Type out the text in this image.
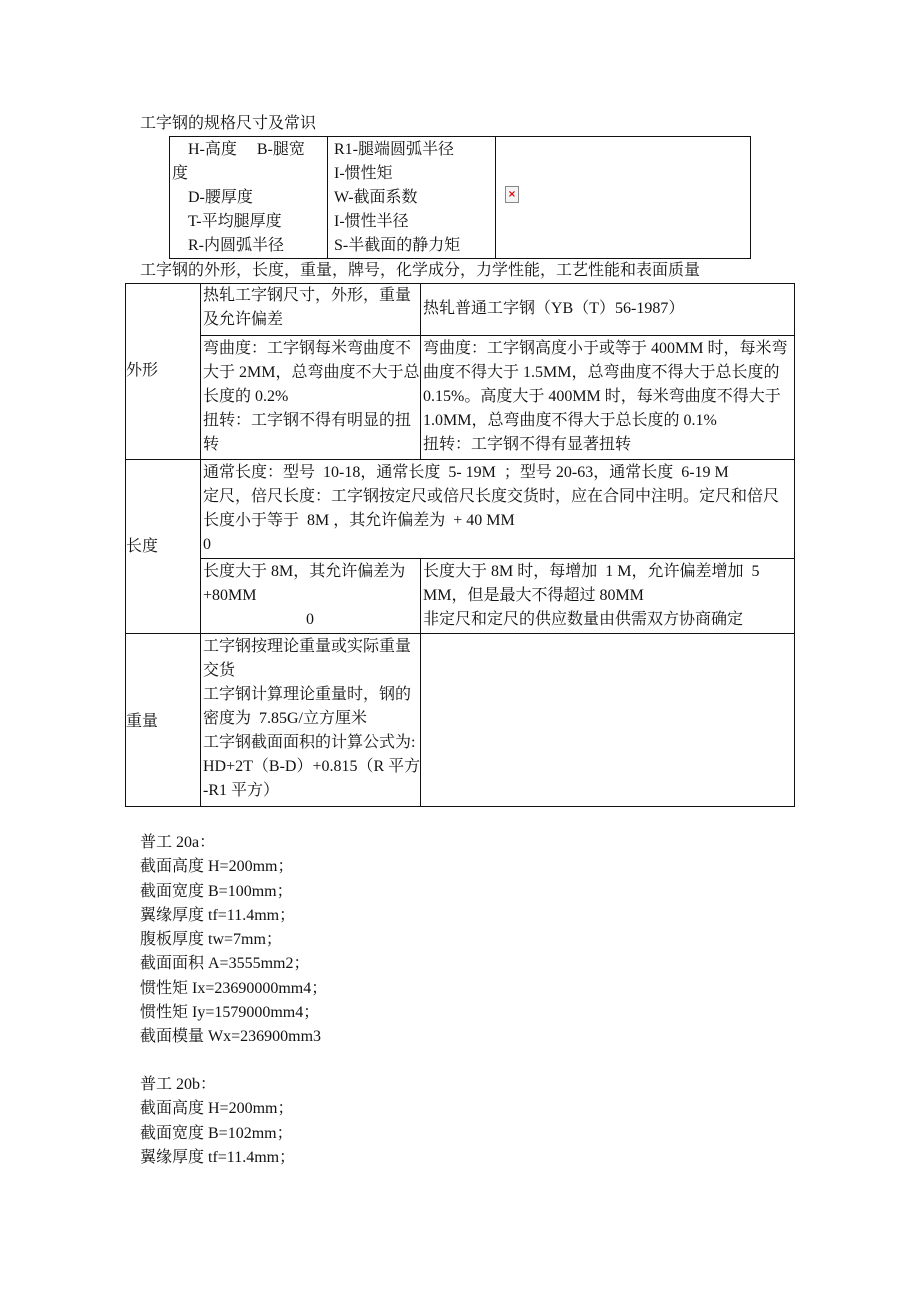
工字钢的规格尺寸及常识
　H-高度　 B-腿宽
度
　D-腰厚度
　T-平均腿厚度
　R-内圆弧半径
R1-腿端圆弧半径
I-惯性矩
W-截面系数
I-惯性半径
S-半截面的静力矩
×
工字钢的外形，长度，重量，牌号，化学成分，力学性能，工艺性能和表面质量
外形
热轧工字钢尺寸，外形，重量
及允许偏差
热轧普通工字钢（YB（T）56-1987）
弯曲度：工字钢每米弯曲度不
大于 2MM，总弯曲度不大于总
长度的 0.2%
扭转：工字钢不得有明显的扭
转
弯曲度：工字钢高度小于或等于 400MM 时，每米弯
曲度不得大于 1.5MM，总弯曲度不得大于总长度的
0.15%。高度大于 400MM 时，每米弯曲度不得大于
1.0MM，总弯曲度不得大于总长度的 0.1%
扭转：工字钢不得有显著扭转
长度
通常长度：型号  10-18，通常长度  5- 19M  ；型号 20-63，通常长度  6-19 M
定尺，倍尺长度：工字钢按定尺或倍尺长度交货时，应在合同中注明。定尺和倍尺
长度小于等于  8M ，其允许偏差为  + 40 MM
0
长度大于 8M，其允许偏差为
+80MM
0
长度大于 8M 时，每增加  1 M，允许偏差增加  5
MM，但是最大不得超过 80MM
非定尺和定尺的供应数量由供需双方协商确定
重量
工字钢按理论重量或实际重量
交货
工字钢计算理论重量时，钢的
密度为  7.85G/立方厘米
工字钢截面面积的计算公式为:
HD+2T（B-D）+0.815（R 平方
-R1 平方）
普工 20a：
截面高度 H=200mm；
截面宽度 B=100mm；
翼缘厚度 tf=11.4mm；
腹板厚度 tw=7mm；
截面面积 A=3555mm2；
惯性矩 Ix=23690000mm4；
惯性矩 Iy=1579000mm4；
截面模量 Wx=236900mm3
普工 20b：
截面高度 H=200mm；
截面宽度 B=102mm；
翼缘厚度 tf=11.4mm；
